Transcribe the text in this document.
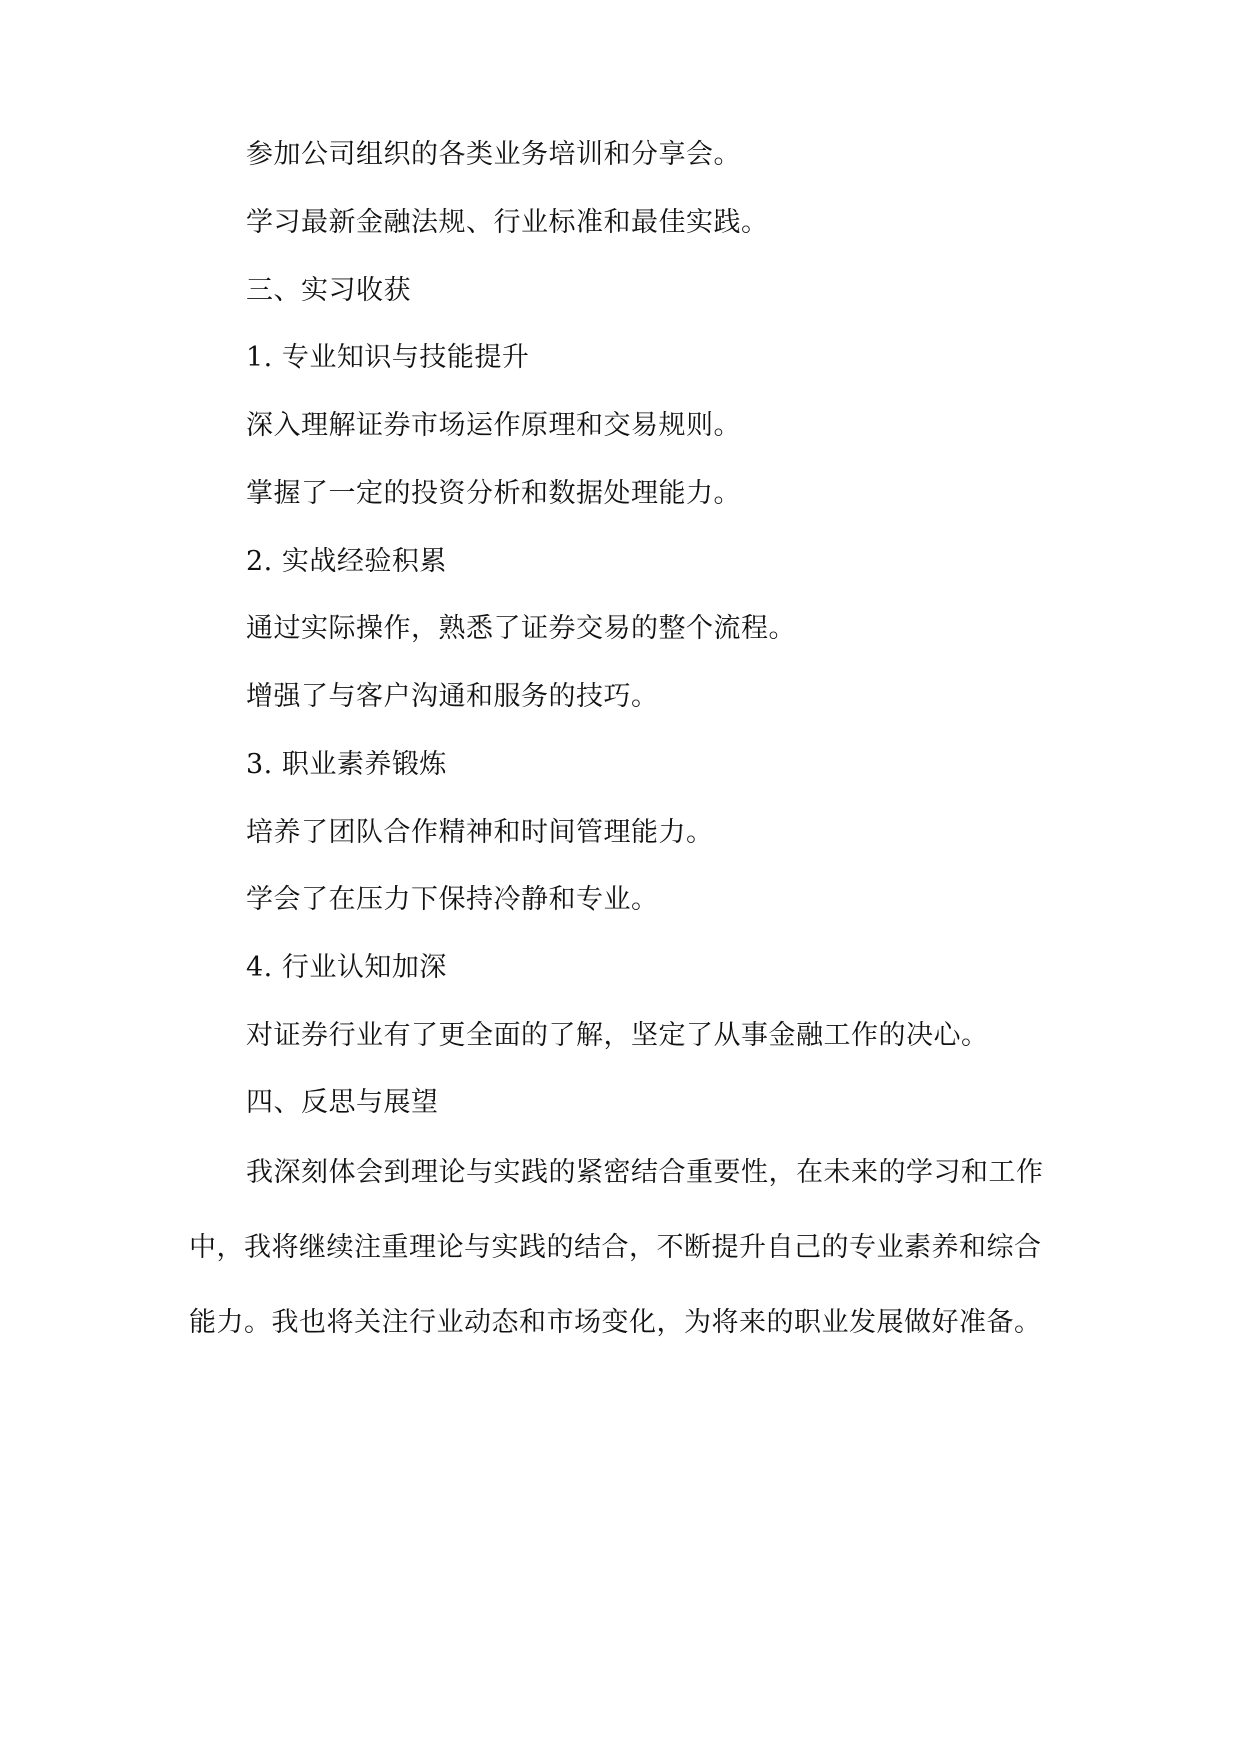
参加公司组织的各类业务培训和分享会。
学习最新金融法规、行业标准和最佳实践。
三、实习收获
1. 专业知识与技能提升
深入理解证券市场运作原理和交易规则。
掌握了一定的投资分析和数据处理能力。
2. 实战经验积累
通过实际操作，熟悉了证券交易的整个流程。
增强了与客户沟通和服务的技巧。
3. 职业素养锻炼
培养了团队合作精神和时间管理能力。
学会了在压力下保持冷静和专业。
4. 行业认知加深
对证券行业有了更全面的了解，坚定了从事金融工作的决心。
四、反思与展望
我深刻体会到理论与实践的紧密结合重要性，在未来的学习和工作中，我将继续注重理论与实践的结合，不断提升自己的专业素养和综合能力。我也将关注行业动态和市场变化，为将来的职业发展做好准备。
